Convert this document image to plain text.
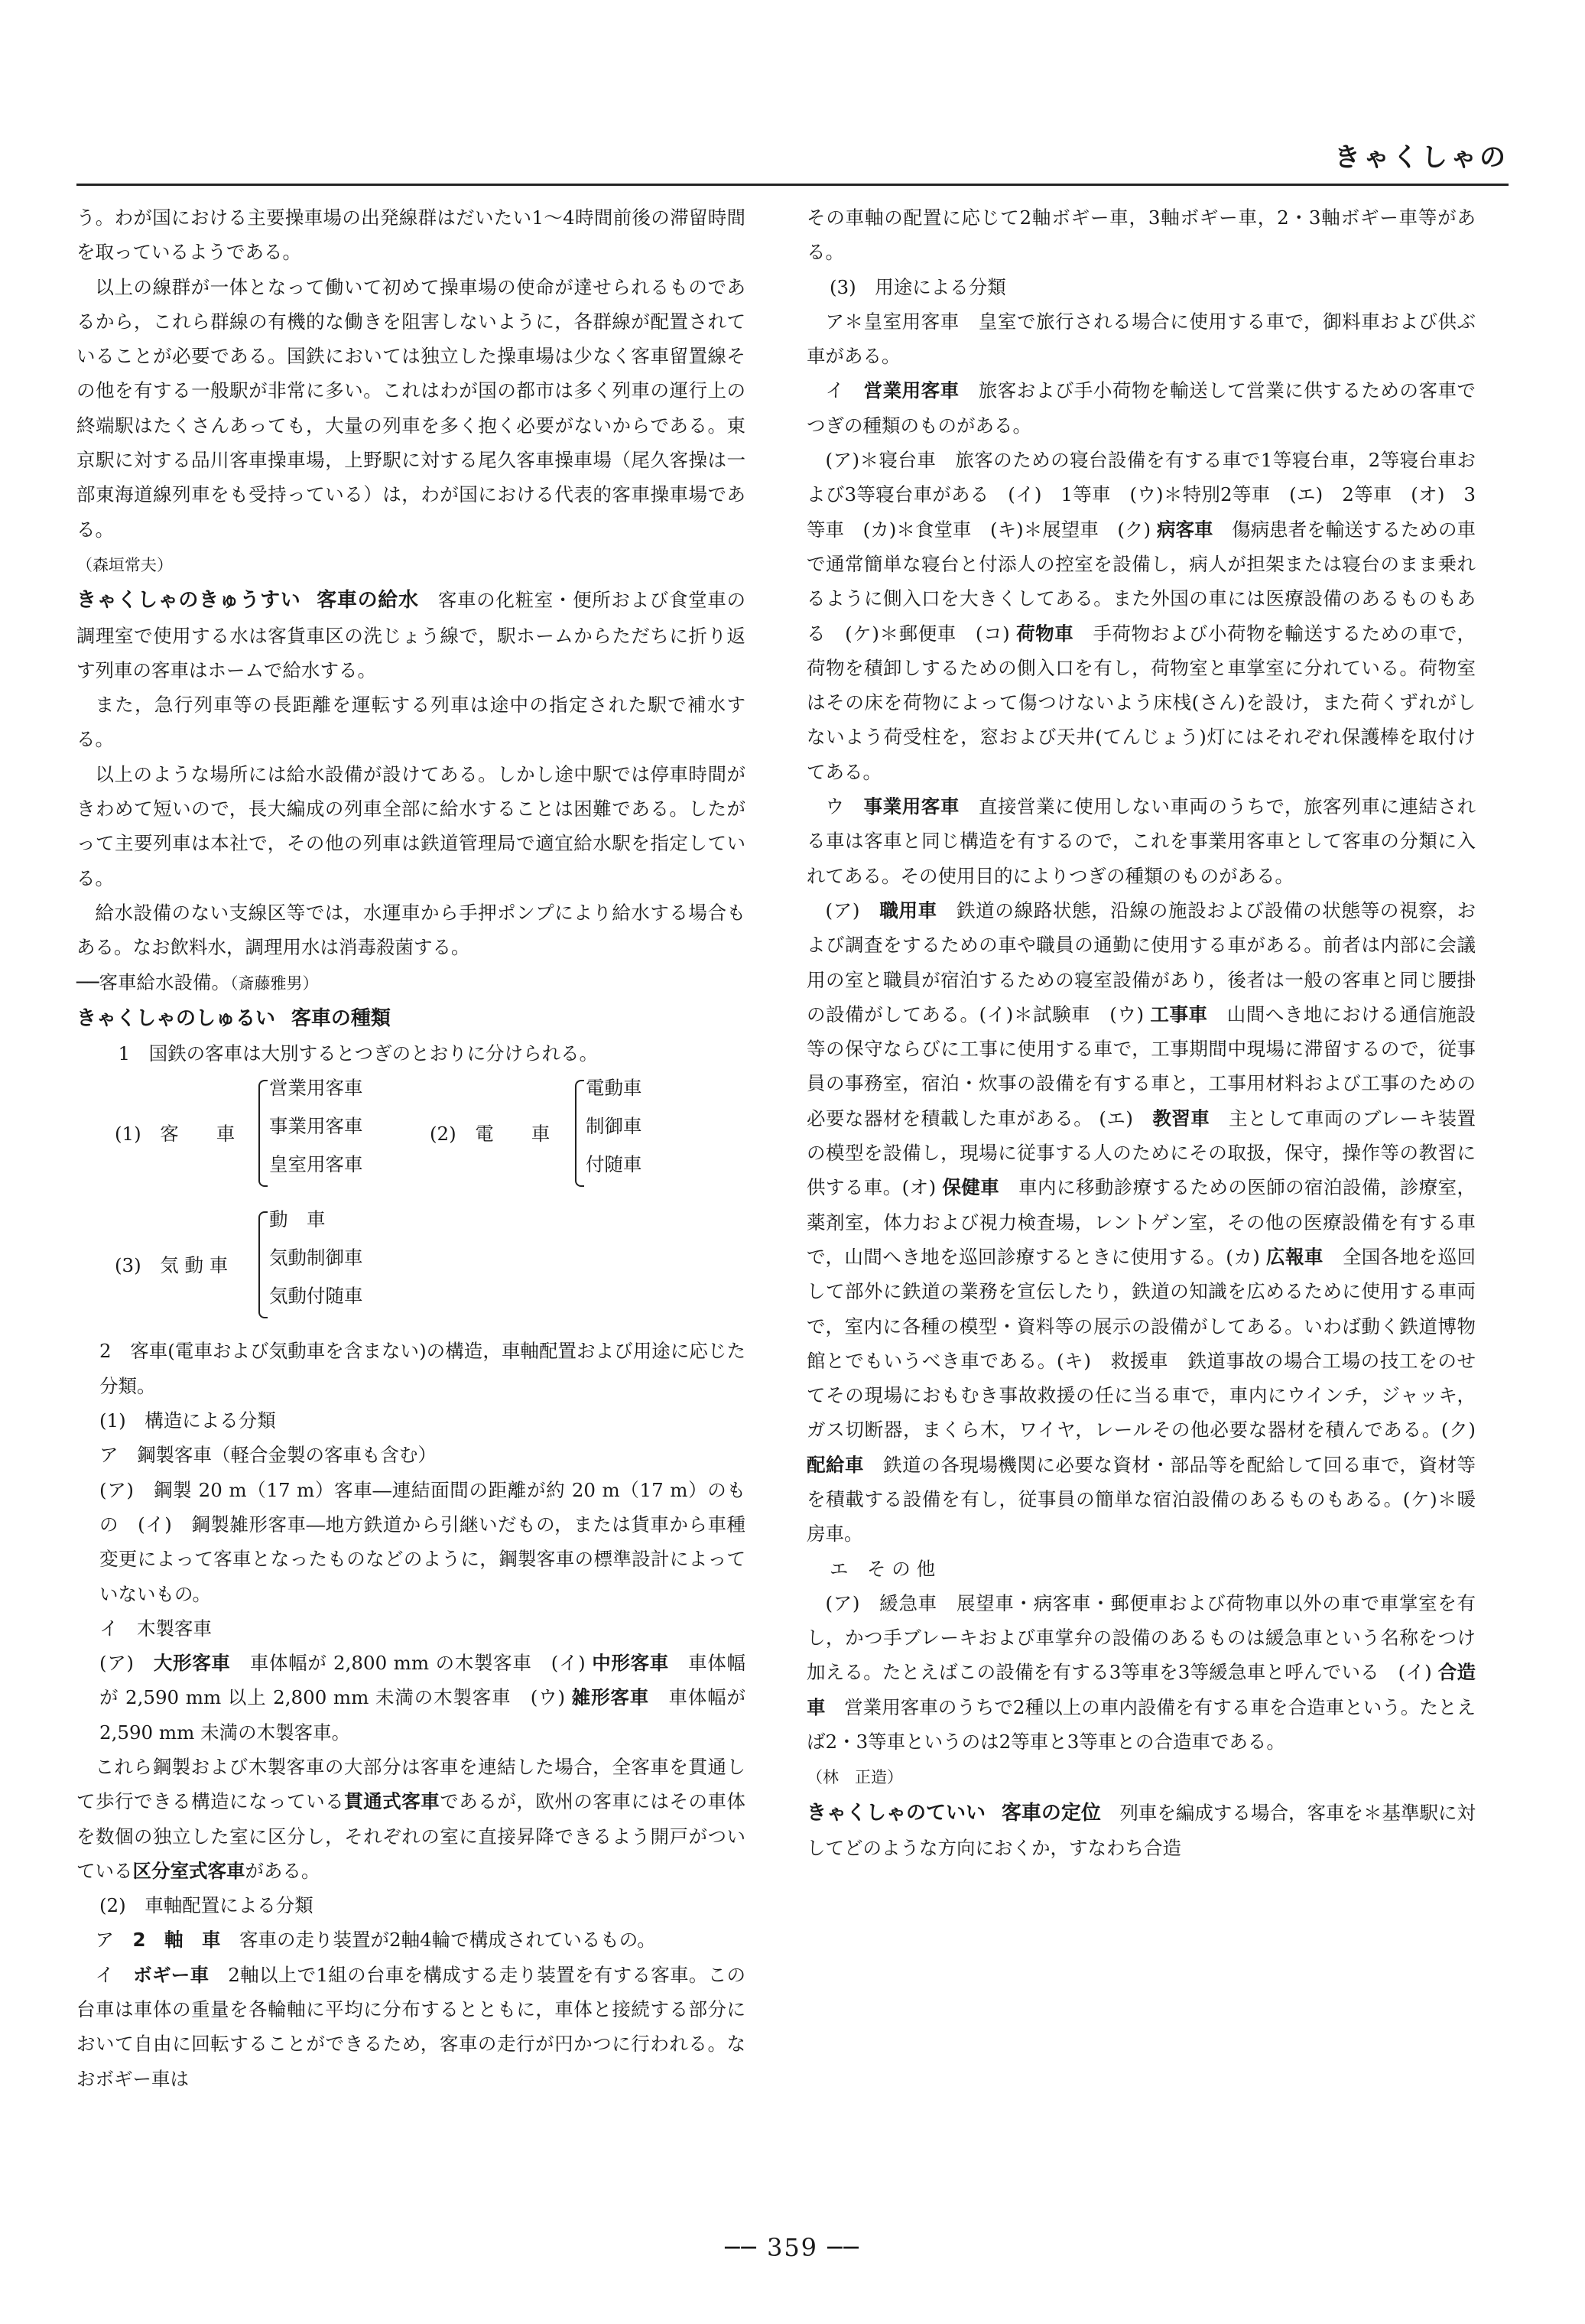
きゃくしゃの

う。わが国における主要操車場の出発線群はだいたい1～4時間前後の滞留時間を取っているようである。

以上の線群が一体となって働いて初めて操車場の使命が達せられるものであるから，これら群線の有機的な働きを阻害しないように，各群線が配置されていることが必要である。国鉄においては独立した操車場は少なく客車留置線その他を有する一般駅が非常に多い。これはわが国の都市は多く列車の運行上の終端駅はたくさんあっても，大量の列車を多く抱く必要がないからである。東京駅に対する品川客車操車場，上野駅に対する尾久客車操車場（尾久客操は一部東海道線列車をも受持っている）は，わが国における代表的客車操車場である。
（森垣常夫）

きゃくしゃのきゅうすい 客車の給水　 客車の化粧室・便所および食堂車の調理室で使用する水は客貨車区の洗じょう線で，駅ホームからただちに折り返す列車の客車はホームで給水する。

また，急行列車等の長距離を運転する列車は途中の指定された駅で補水する。

以上のような場所には給水設備が設けてある。しかし途中駅では停車時間がきわめて短いので，長大編成の列車全部に給水することは困難である。したがって主要列車は本社で，その他の列車は鉄道管理局で適宜給水駅を指定している。

給水設備のない支線区等では，水運車から手押ポンプにより給水する場合もある。なお飲料水，調理用水は消毒殺菌する。
──客車給水設備。（斎藤雅男）

きゃくしゃのしゅるい 客車の種類

1　国鉄の客車は大別するとつぎのとおりに分けられる。

(1)　客　　車
営業用客車
事業用客車
皇室用客車
(2)　電　　車
電動車
制御車
付随車
(3)　気 動 車
動　車
気動制御車
気動付随車

2　客車(電車および気動車を含まない)の構造，車軸配置および用途に応じた分類。

(1)　構造による分類

ア　鋼製客車（軽合金製の客車も含む）

(ア)　鋼製 20 m（17 m）客車―連結面間の距離が約 20 m（17 m）のもの　(イ)　鋼製雑形客車―地方鉄道から引継いだもの，または貨車から車種変更によって客車となったものなどのように，鋼製客車の標準設計によっていないもの。

イ　木製客車

(ア)　 大形客車　 車体幅が 2,800 mm の木製客車　(イ) 中形客車　 車体幅が 2,590 mm 以上 2,800 mm 未満の木製客車　(ウ) 雑形客車　 車体幅が 2,590 mm 未満の木製客車。

これら鋼製および木製客車の大部分は客車を連結した場合，全客車を貫通して歩行できる構造になっている貫通式客車であるが，欧州の客車にはその車体を数個の独立した室に区分し，それぞれの室に直接昇降できるよう開戸がついている区分室式客車がある。

(2)　車軸配置による分類

ア　 2　軸　車　 客車の走り装置が2軸4輪で構成されているもの。

イ　 ボギー車　 2軸以上で1組の台車を構成する走り装置を有する客車。この台車は車体の重量を各輪軸に平均に分布するとともに，車体と接続する部分において自由に回転することができるため，客車の走行が円かつに行われる。なおボギー車は

その車軸の配置に応じて2軸ボギー車，3軸ボギー車，2・3軸ボギー車等がある。

(3)　用途による分類

ア＊皇室用客車　皇室で旅行される場合に使用する車で，御料車および供ぶ車がある。

イ　 営業用客車　 旅客および手小荷物を輸送して営業に供するための客車でつぎの種類のものがある。

(ア)＊寝台車　旅客のための寝台設備を有する車で1等寝台車，2等寝台車および3等寝台車がある　(イ)　1等車　(ウ)＊特別2等車　(エ)　2等車　(オ)　3等車　(カ)＊食堂車　(キ)＊展望車　(ク) 病客車　 傷病患者を輸送するための車で通常簡単な寝台と付添人の控室を設備し，病人が担架または寝台のまま乗れるように側入口を大きくしてある。また外国の車には医療設備のあるものもある　(ケ)＊郵便車　(コ) 荷物車　 手荷物および小荷物を輸送するための車で，荷物を積卸しするための側入口を有し，荷物室と車掌室に分れている。荷物室はその床を荷物によって傷つけないよう床桟(さん)を設け，また荷くずれがしないよう荷受柱を，窓および天井(てんじょう)灯にはそれぞれ保護棒を取付けてある。

ウ　 事業用客車　 直接営業に使用しない車両のうちで，旅客列車に連結される車は客車と同じ構造を有するので，これを事業用客車として客車の分類に入れてある。その使用目的によりつぎの種類のものがある。

(ア)　 職用車　 鉄道の線路状態，沿線の施設および設備の状態等の視察，および調査をするための車や職員の通勤に使用する車がある。前者は内部に会議用の室と職員が宿泊するための寝室設備があり，後者は一般の客車と同じ腰掛の設備がしてある。(イ)＊試験車　(ウ) 工事車　 山間へき地における通信施設等の保守ならびに工事に使用する車で，工事期間中現場に滞留するので，従事員の事務室，宿泊・炊事の設備を有する車と，工事用材料および工事のための必要な器材を積載した車がある。 (エ)　 教習車　 主として車両のブレーキ装置の模型を設備し，現場に従事する人のためにその取扱，保守，操作等の教習に供する車。(オ) 保健車　 車内に移動診療するための医師の宿泊設備，診療室，薬剤室，体力および視力検査場，レントゲン室，その他の医療設備を有する車で，山間へき地を巡回診療するときに使用する。(カ) 広報車　 全国各地を巡回して部外に鉄道の業務を宣伝したり，鉄道の知識を広めるために使用する車両で，室内に各種の模型・資料等の展示の設備がしてある。いわば動く鉄道博物館とでもいうべき車である。(キ)　救援車　鉄道事故の場合工場の技工をのせてその現場におもむき事故救援の任に当る車で，車内にウインチ，ジャッキ，ガス切断器，まくら木，ワイヤ，レールその他必要な器材を積んである。(ク) 配給車　 鉄道の各現場機関に必要な資材・部品等を配給して回る車で，資材等を積載する設備を有し，従事員の簡単な宿泊設備のあるものもある。(ケ)＊暖房車。

エ　そ の 他

(ア)　緩急車　展望車・病客車・郵便車および荷物車以外の車で車掌室を有し，かつ手ブレーキおよび車掌弁の設備のあるものは緩急車という名称をつけ加える。たとえばこの設備を有する3等車を3等緩急車と呼んでいる　(イ) 合造車　 営業用客車のうちで2種以上の車内設備を有する車を合造車という。たとえば2・3等車というのは2等車と3等車との合造車である。
（林　正造）

きゃくしゃのていい 客車の定位　 列車を編成する場合，客車を＊基準駅に対してどのような方向におくか，すなわち合造

── 359 ──
